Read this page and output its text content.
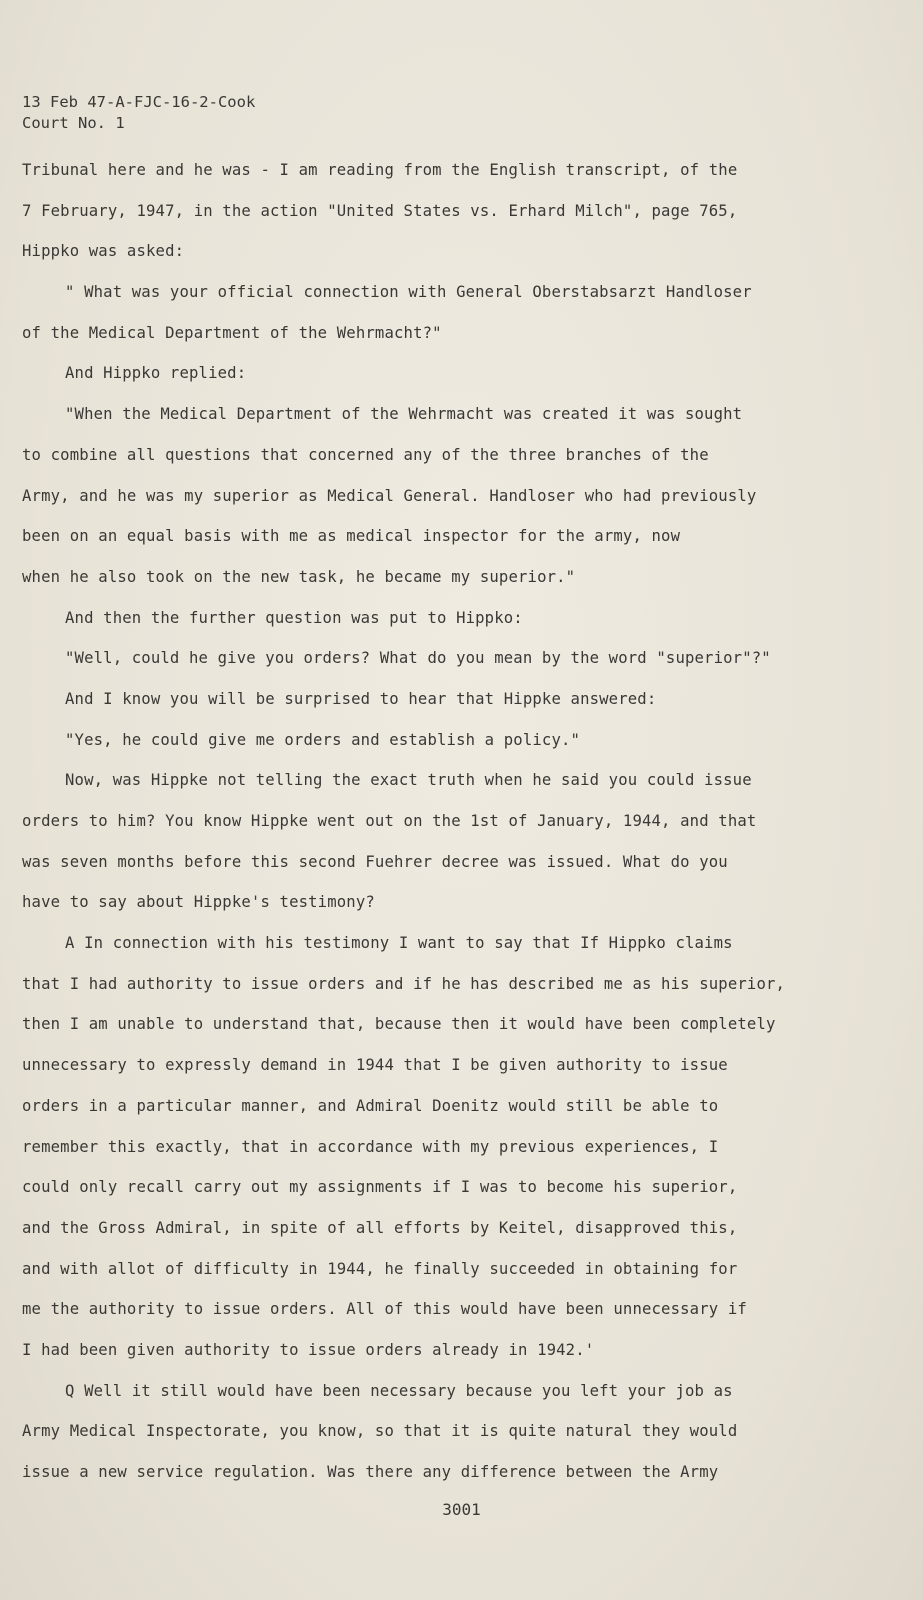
13 Feb 47-A-FJC-16-2-Cook
Court No. 1
Tribunal here and he was - I am reading from the English transcript, of the
7 February, 1947, in the action "United States vs. Erhard Milch", page 765,
Hippko was asked:
" What was your official connection with General Oberstabsarzt Handloser
of the Medical Department of the Wehrmacht?"
And Hippko replied:
"When the Medical Department of the Wehrmacht was created it was sought
to combine all questions that concerned any of the three branches of the
Army, and he was my superior as Medical General. Handloser who had previously
been on an equal basis with me as medical inspector for the army, now
when he also took on the new task, he became my superior."
And then the further question was put to Hippko:
"Well, could he give you orders? What do you mean by the word "superior"?"
And I know you will be surprised to hear that Hippke answered:
"Yes, he could give me orders and establish a policy."
Now, was Hippke not telling the exact truth when he said you could issue
orders to him? You know Hippke went out on the 1st of January, 1944, and that
was seven months before this second Fuehrer decree was issued. What do you
have to say about Hippke's testimony?
A In connection with his testimony I want to say that If Hippko claims
that I had authority to issue orders and if he has described me as his superior,
then I am unable to understand that, because then it would have been completely
unnecessary to expressly demand in 1944 that I be given authority to issue
orders in a particular manner, and Admiral Doenitz would still be able to
remember this exactly, that in accordance with my previous experiences, I
could only recall carry out my assignments if I was to become his superior,
and the Gross Admiral, in spite of all efforts by Keitel, disapproved this,
and with allot of difficulty in 1944, he finally succeeded in obtaining for
me the authority to issue orders. All of this would have been unnecessary if
I had been given authority to issue orders already in 1942.'
Q Well it still would have been necessary because you left your job as
Army Medical Inspectorate, you know, so that it is quite natural they would
issue a new service regulation. Was there any difference between the Army
3001
